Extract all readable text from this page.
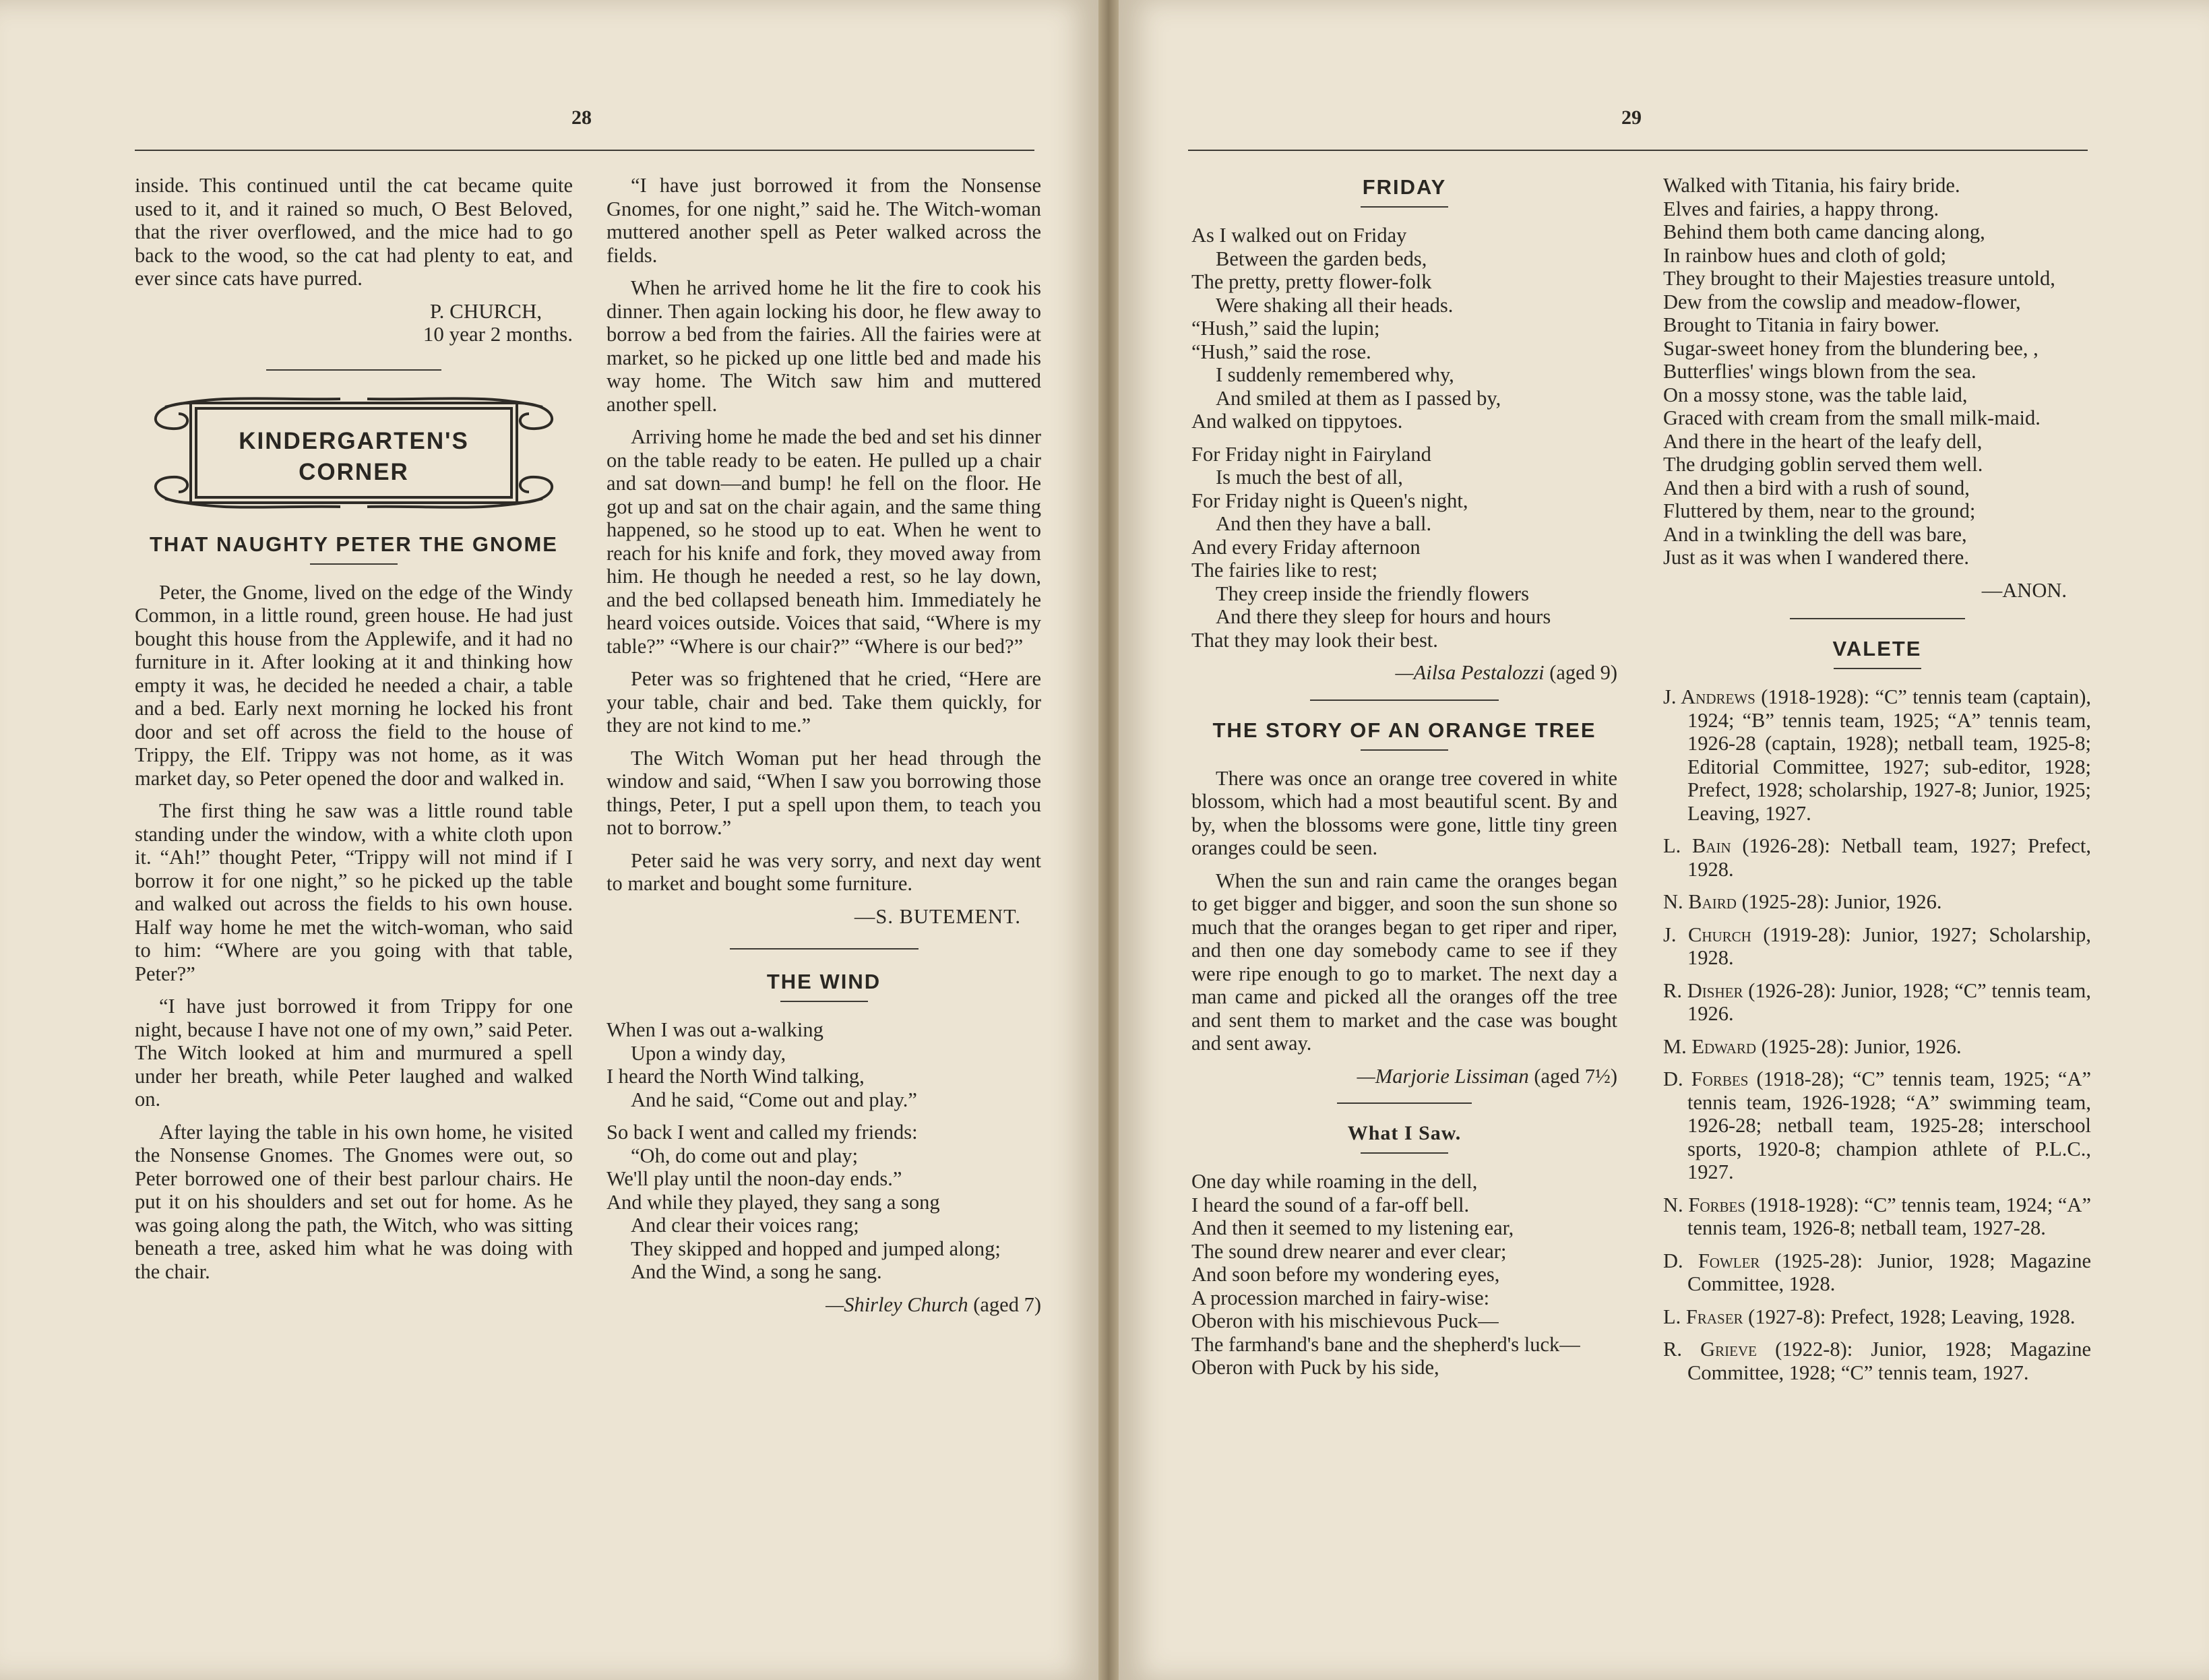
28

inside. This continued until the cat became quite used to it, and it rained so much, O Best Beloved, that the river overflowed, and the mice had to go back to the wood, so the cat had plenty to eat, and ever since cats have purred.

P. CHURCH,
10 year 2 months.
KINDERGARTEN'S
CORNER
THAT NAUGHTY PETER THE GNOME

Peter, the Gnome, lived on the edge of the Windy Common, in a little round, green house. He had just bought this house from the Applewife, and it had no furniture in it. After looking at it and thinking how empty it was, he decided he needed a chair, a table and a bed. Early next morning he locked his front door and set off across the field to the house of Trippy, the Elf. Trippy was not home, as it was market day, so Peter opened the door and walked in.

The first thing he saw was a little round table standing under the window, with a white cloth upon it. “Ah!” thought Peter, “Trippy will not mind if I borrow it for one night,” so he picked up the table and walked out across the fields to his own house. Half way home he met the witch-woman, who said to him: “Where are you going with that table, Peter?”

“I have just borrowed it from Trippy for one night, because I have not one of my own,” said Peter. The Witch looked at him and murmured a spell under her breath, while Peter laughed and walked on.

After laying the table in his own home, he visited the Nonsense Gnomes. The Gnomes were out, so Peter borrowed one of their best parlour chairs. He put it on his shoulders and set out for home. As he was going along the path, the Witch, who was sitting beneath a tree, asked him what he was doing with the chair.

“I have just borrowed it from the Nonsense Gnomes, for one night,” said he. The Witch-woman muttered another spell as Peter walked across the fields.

When he arrived home he lit the fire to cook his dinner. Then again locking his door, he flew away to borrow a bed from the fairies. All the fairies were at market, so he picked up one little bed and made his way home. The Witch saw him and muttered another spell.

Arriving home he made the bed and set his dinner on the table ready to be eaten. He pulled up a chair and sat down—and bump! he fell on the floor. He got up and sat on the chair again, and the same thing happened, so he stood up to eat. When he went to reach for his knife and fork, they moved away from him. He though he needed a rest, so he lay down, and the bed collapsed beneath him. Immediately he heard voices outside. Voices that said, “Where is my table?” “Where is our chair?” “Where is our bed?”

Peter was so frightened that he cried, “Here are your table, chair and bed. Take them quickly, for they are not kind to me.”

The Witch Woman put her head through the window and said, “When I saw you borrowing those things, Peter, I put a spell upon them, to teach you not to borrow.”

Peter said he was very sorry, and next day went to market and bought some furniture.

—S. BUTEMENT.
THE WIND
When I was out a-walking
Upon a windy day,
I heard the North Wind talking,
And he said, “Come out and play.”
So back I went and called my friends:
“Oh, do come out and play;
We'll play until the noon-day ends.”
And while they played, they sang a song
And clear their voices rang;
They skipped and hopped and jumped along;
And the Wind, a song he sang.
—Shirley Church (aged 7)
29
FRIDAY
As I walked out on Friday
Between the garden beds,
The pretty, pretty flower-folk
Were shaking all their heads.
“Hush,” said the lupin;
“Hush,” said the rose.
I suddenly remembered why,
And smiled at them as I passed by,
And walked on tippytoes.
For Friday night in Fairyland
Is much the best of all,
For Friday night is Queen's night,
And then they have a ball.
And every Friday afternoon
The fairies like to rest;
They creep inside the friendly flowers
And there they sleep for hours and hours
That they may look their best.
—Ailsa Pestalozzi (aged 9)
THE STORY OF AN ORANGE TREE

There was once an orange tree covered in white blossom, which had a most beautiful scent. By and by, when the blossoms were gone, little tiny green oranges could be seen.

When the sun and rain came the oranges began to get bigger and bigger, and soon the sun shone so much that the oranges began to get riper and riper, and then one day somebody came to see if they were ripe enough to go to market. The next day a man came and picked all the oranges off the tree and sent them to market and the case was bought and sent away.

—Marjorie Lissiman (aged 7½)
What I Saw.
One day while roaming in the dell,
I heard the sound of a far-off bell.
And then it seemed to my listening ear,
The sound drew nearer and ever clear;
And soon before my wondering eyes,
A procession marched in fairy-wise:
Oberon with his mischievous Puck—
The farmhand's bane and the shepherd's luck—
Oberon with Puck by his side,
Walked with Titania, his fairy bride.
Elves and fairies, a happy throng.
Behind them both came dancing along,
In rainbow hues and cloth of gold;
They brought to their Majesties treasure untold,
Dew from the cowslip and meadow-flower,
Brought to Titania in fairy bower.
Sugar-sweet honey from the blundering bee, ,
Butterflies' wings blown from the sea.
On a mossy stone, was the table laid,
Graced with cream from the small milk-maid.
And there in the heart of the leafy dell,
The drudging goblin served them well.
And then a bird with a rush of sound,
Fluttered by them, near to the ground;
And in a twinkling the dell was bare,
Just as it was when I wandered there.
—ANON.
VALETE

J. Andrews (1918-1928): “C” tennis team (captain), 1924; “B” tennis team, 1925; “A” tennis team, 1926-28 (captain, 1928); netball team, 1925-8; Editorial Committee, 1927; sub-editor, 1928; Prefect, 1928; scholarship, 1927-8; Junior, 1925; Leaving, 1927.

L. Bain (1926-28): Netball team, 1927; Prefect, 1928.

N. Baird (1925-28): Junior, 1926.

J. Church (1919-28): Junior, 1927; Scholarship, 1928.

R. Disher (1926-28): Junior, 1928; “C” tennis team, 1926.

M. Edward (1925-28): Junior, 1926.

D. Forbes (1918-28); “C” tennis team, 1925; “A” tennis team, 1926-1928; “A” swimming team, 1926-28; netball team, 1925-28; interschool sports, 1920-8; champion athlete of P.L.C., 1927.

N. Forbes (1918-1928): “C” tennis team, 1924; “A” tennis team, 1926-8; netball team, 1927-28.

D. Fowler (1925-28): Junior, 1928; Magazine Committee, 1928.

L. Fraser (1927-8): Prefect, 1928; Leaving, 1928.

R. Grieve (1922-8): Junior, 1928; Magazine Committee, 1928; “C” tennis team, 1927.
